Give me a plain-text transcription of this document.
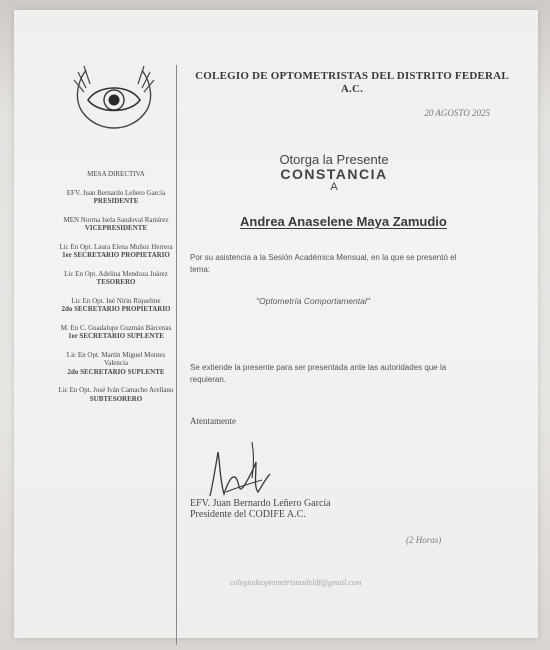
MESA DIRECTIVA
EFV. Juan Bernardo Leñero García
PRESIDENTE
MEN Norma Isela Sandoval Ramírez
VICEPRESIDENTE
Lic En Opt. Laura Elena Muñoz Herrera
1er SECRETARIO PROPIETARIO
Lic En Opt. Adelina Mendoza Juárez
TESORERO
Lic En Opt. Iné Nirin Riquelme
2do SECRETARIO PROPIETARIO
M. En C. Guadalupe Guzmán Bárcenas
1er SECRETARIO SUPLENTE
Lic En Opt. Martín Miguel Montes Valencia
2do SECRETARIO SUPLENTE
Lic En Opt. José Iván Camacho Arellano
SUBTESORERO
COLEGIO DE OPTOMETRISTAS DEL DISTRITO FEDERAL
A.C.
20 AGOSTO 2025
Otorga la Presente
CONSTANCIA
A
Andrea Anaselene Maya Zamudio
Por su asistencia a la Sesión Académica Mensual, en la que se presentó el tema:
"Optometría Comportamental"
Se extiende la presente para ser presentada ante las autoridades que la requieran.
Atentamente
EFV. Juan Bernardo Leñero García
Presidente del CODIFE A.C.
(2 Horas)
colegiodeoptometristasdeldf@gmail.com
